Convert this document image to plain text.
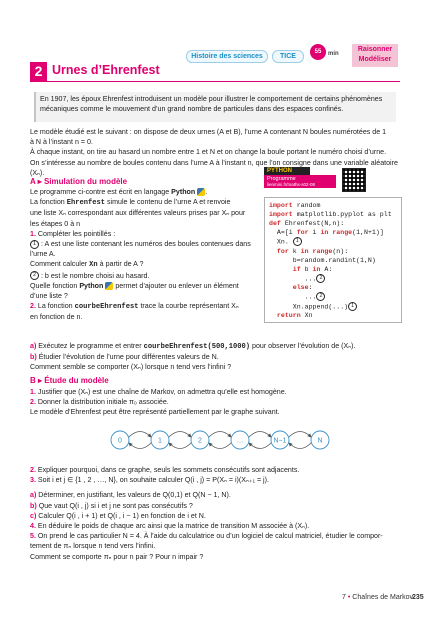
Histoire des sciences	TICE
55	min
Raisonner
Modéliser
2 Urnes d’Ehrenfest
En 1907, les époux Ehrenfest introduisent un modèle pour illustrer le comportement de certains phénomènes mécaniques comme le mouvement d’un grand nombre de particules dans des espaces confinés.
Le modèle étudié est le suivant : on dispose de deux urnes (A et B), l’urne A contenant N boules numérotées de 1
à N à l’instant n = 0.
À chaque instant, on tire au hasard un nombre entre 1 et N et on change la boule portant le numéro choisi d’urne.
On s’intéresse au nombre de boules contenu dans l’urne A à l’instant n, que l’on consigne dans une variable aléatoire
(Xₙ).
A ▸ Simulation du modèle
Le programme ci-contre est écrit en langage Python .
La fonction Ehrenfest simule le contenu de l’urne A et renvoie
une liste Xₙ correspondant aux différentes valeurs prises par Xₙ pour
les étapes 0 à n
1. Compléter les pointillés :
1 : A est une liste contenant les numéros des boules contenues dans
l’urne A.
Comment calculer Xn à partir de A ?
2 : b est le nombre choisi au hasard.
Quelle fonction Python permet d’ajouter ou enlever un élément
d’une liste ?
2. La fonction courbeEhrenfest trace la courbe représentant Xₙ
en fonction de n.
a) Exécutez le programme et entrer courbeEhrenfest(500,1000) pour observer l’évolution de (Xₙ).
b) Étudier l’évolution de l’urne pour différentes valeurs de N.
Comment semble se comporter (Xₙ) lorsque n tend vers l’infini ?
PYTHON
Programme
lienmini.fr/maths-s02-08
import random
import matplotlib.pyplot as plt
def Ehrenfest(N,n):
A=[i for i in range(1,N+1)]
Xn. 1
for k in range(n):
b=random.randint(1,N)
if b in A:
... 2
else:
... 2
Xn.append(...) 1
return Xn
B ▸ Étude du modèle
1. Justifier que (Xₙ) est une chaîne de Markov, on admettra qu’elle est homogène.
2. Donner la distribution initiale π₀ associée.
Le modèle d’Ehrenfest peut être représenté partiellement par le graphe suivant.
0	1	2	…	N−1	N
2. Expliquer pourquoi, dans ce graphe, seuls les sommets consécutifs sont adjacents.
3. Soit i et j ∈ {1 , 2 , …, N}, on souhaite calculer Q(i , j) = P(Xₙ = i)(Xₙ₊₁ = j).
a) Déterminer, en justifiant, les valeurs de Q(0,1) et Q(N − 1, N).
b) Que vaut Q(i , j) si i et j ne sont pas consécutifs ?
c) Calculer Q(i , i + 1) et Q(i , i − 1) en fonction de i et N.
4. En déduire le poids de chaque arc ainsi que la matrice de transition M associée à (Xₙ).
5. On prend le cas particulier N = 4. À l’aide du calculatrice ou d’un logiciel de calcul matriciel, étudier le compor-
tement de πₙ lorsque n tend vers l’infini.
Comment se comporte πₙ pour n pair ? Pour n impair ?
7 • Chaînes de Markov 235
